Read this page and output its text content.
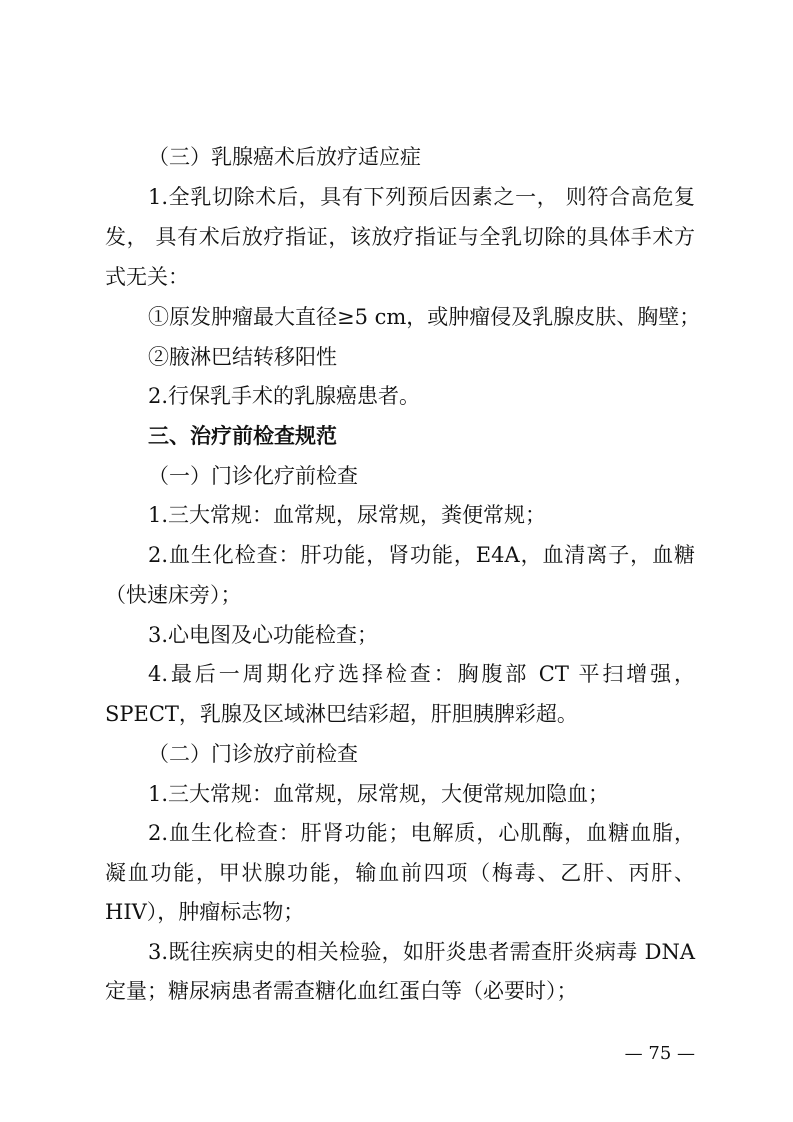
（三）乳腺癌术后放疗适应症
1.全乳切除术后，具有下列预后因素之一， 则符合高危复
发， 具有术后放疗指证，该放疗指证与全乳切除的具体手术方
式无关：
①原发肿瘤最大直径≥5 cm，或肿瘤侵及乳腺皮肤、胸壁；
②腋淋巴结转移阳性
2.行保乳手术的乳腺癌患者。
三、治疗前检查规范
（一）门诊化疗前检查
1.三大常规：血常规，尿常规，粪便常规；
2.血生化检查：肝功能，肾功能，E4A，血清离子，血糖
（快速床旁）；
3.心电图及心功能检查；
4.最后一周期化疗选择检查：胸腹部 CT 平扫增强，
SPECT，乳腺及区域淋巴结彩超，肝胆胰脾彩超。
（二）门诊放疗前检查
1.三大常规：血常规，尿常规，大便常规加隐血；
2.血生化检查：肝肾功能；电解质，心肌酶，血糖血脂，
凝血功能，甲状腺功能，输血前四项（梅毒、乙肝、丙肝、
HIV），肿瘤标志物；
3.既往疾病史的相关检验，如肝炎患者需查肝炎病毒 DNA
定量；糖尿病患者需查糖化血红蛋白等（必要时）；
— 75 —
